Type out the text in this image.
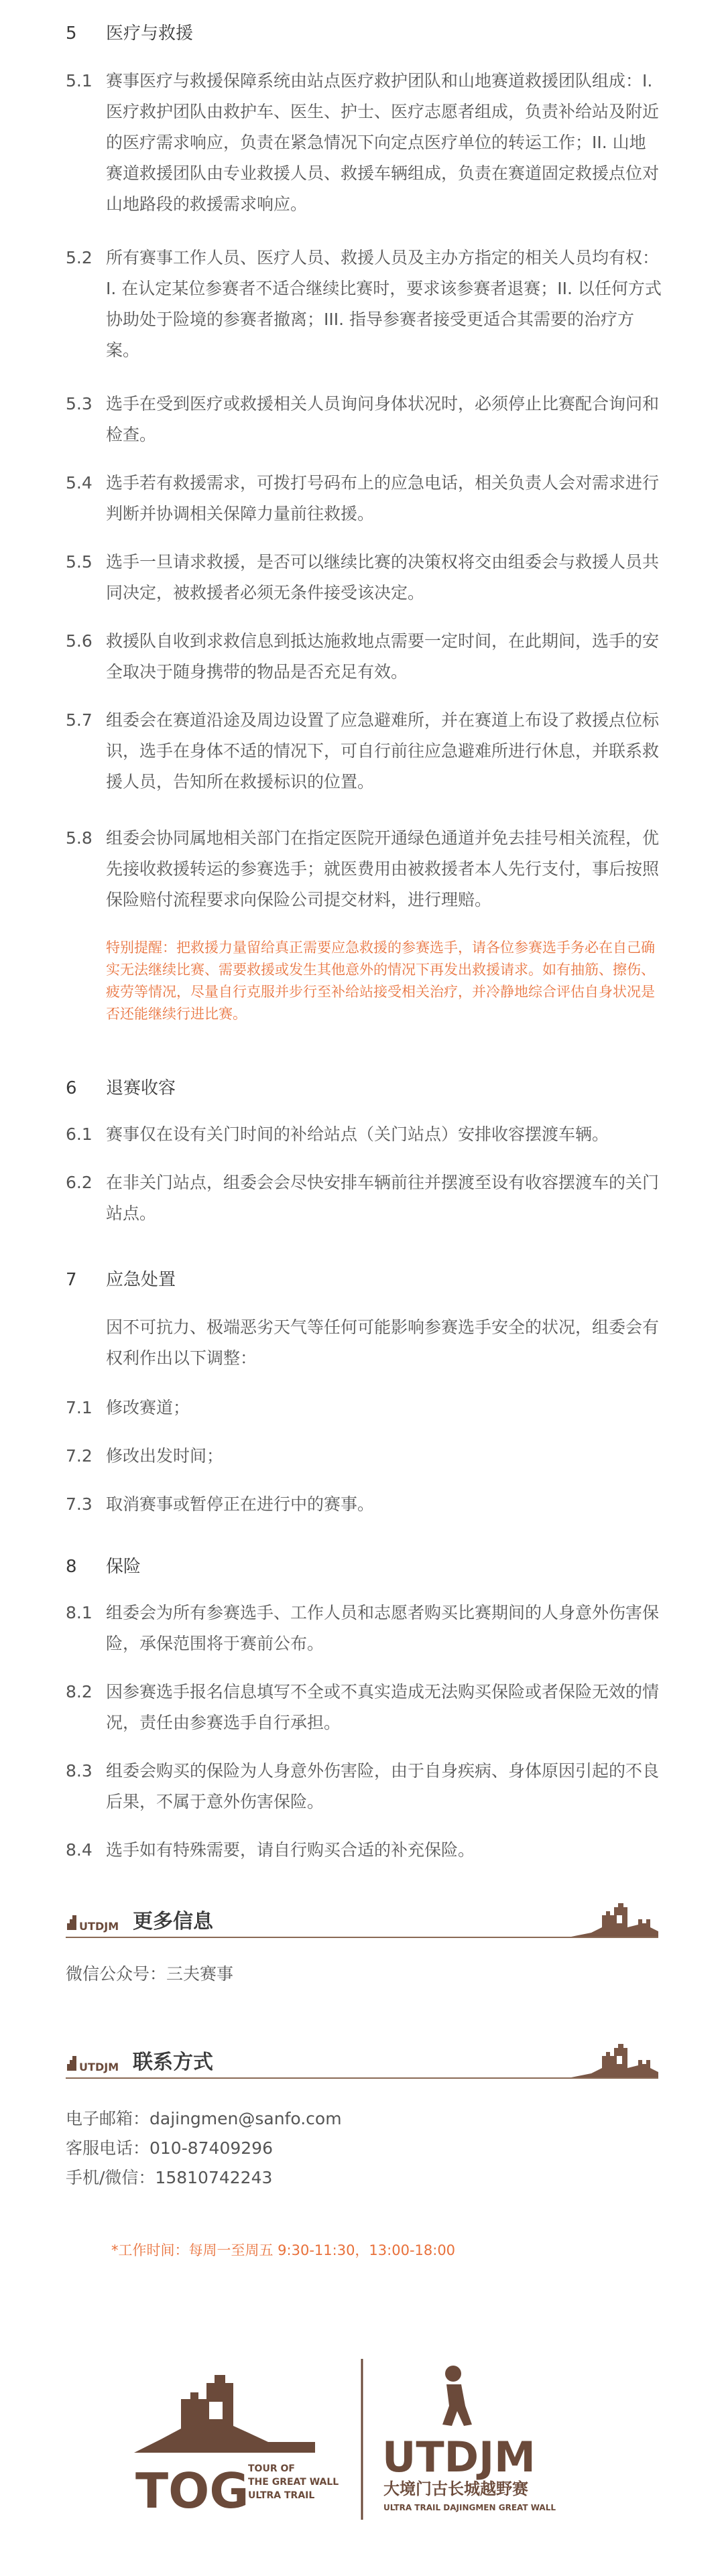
5	医疗与救援
5.1 赛事医疗与救援保障系统由站点医疗救护团队和山地赛道救援团队组成：I. 医疗救护团队由救护车、医生、护士、医疗志愿者组成，负责补给站及附近的医疗需求响应，负责在紧急情况下向定点医疗单位的转运工作；II. 山地赛道救援团队由专业救援人员、救援车辆组成，负责在赛道固定救援点位对山地路段的救援需求响应。
5.2 所有赛事工作人员、医疗人员、救援人员及主办方指定的相关人员均有权：I. 在认定某位参赛者不适合继续比赛时，要求该参赛者退赛；II. 以任何方式协助处于险境的参赛者撤离；III. 指导参赛者接受更适合其需要的治疗方案。
5.3 选手在受到医疗或救援相关人员询问身体状况时，必须停止比赛配合询问和检查。
5.4 选手若有救援需求，可拨打号码布上的应急电话，相关负责人会对需求进行判断并协调相关保障力量前往救援。
5.5 选手一旦请求救援，是否可以继续比赛的决策权将交由组委会与救援人员共同决定，被救援者必须无条件接受该决定。
5.6 救援队自收到求救信息到抵达施救地点需要一定时间，在此期间，选手的安全取决于随身携带的物品是否充足有效。
5.7 组委会在赛道沿途及周边设置了应急避难所，并在赛道上布设了救援点位标识，选手在身体不适的情况下，可自行前往应急避难所进行休息，并联系救援人员，告知所在救援标识的位置。
5.8 组委会协同属地相关部门在指定医院开通绿色通道并免去挂号相关流程，优先接收救援转运的参赛选手；就医费用由被救援者本人先行支付，事后按照保险赔付流程要求向保险公司提交材料，进行理赔。
特别提醒：把救援力量留给真正需要应急救援的参赛选手，请各位参赛选手务必在自己确实无法继续比赛、需要救援或发生其他意外的情况下再发出救援请求。如有抽筋、擦伤、疲劳等情况，尽量自行克服并步行至补给站接受相关治疗，并冷静地综合评估自身状况是否还能继续行进比赛。
6	退赛收容
6.1 赛事仅在设有关门时间的补给站点（关门站点）安排收容摆渡车辆。
6.2 在非关门站点，组委会会尽快安排车辆前往并摆渡至设有收容摆渡车的关门站点。
7	应急处置
因不可抗力、极端恶劣天气等任何可能影响参赛选手安全的状况，组委会有权利作出以下调整：
7.1 修改赛道；
7.2 修改出发时间；
7.3 取消赛事或暂停正在进行中的赛事。
8	保险
8.1 组委会为所有参赛选手、工作人员和志愿者购买比赛期间的人身意外伤害保险，承保范围将于赛前公布。
8.2 因参赛选手报名信息填写不全或不真实造成无法购买保险或者保险无效的情况，责任由参赛选手自行承担。
8.3 组委会购买的保险为人身意外伤害险，由于自身疾病、身体原因引起的不良后果，不属于意外伤害保险。
8.4 选手如有特殊需要，请自行购买合适的补充保险。
UT DJM 更多信息
微信公众号：三夫赛事
UT DJM 联系方式
电子邮箱：dajingmen@sanfo.com
客服电话：010-87409296
手机/微信：15810742243
*工作时间：每周一至周五 9:30-11:30，13:00-18:00
TOG
TOUR OF
THE GREAT WALL
ULTRA TRAIL
UTDJM
大境门古长城越野赛
ULTRA TRAIL DAJINGMEN GREAT WALL
